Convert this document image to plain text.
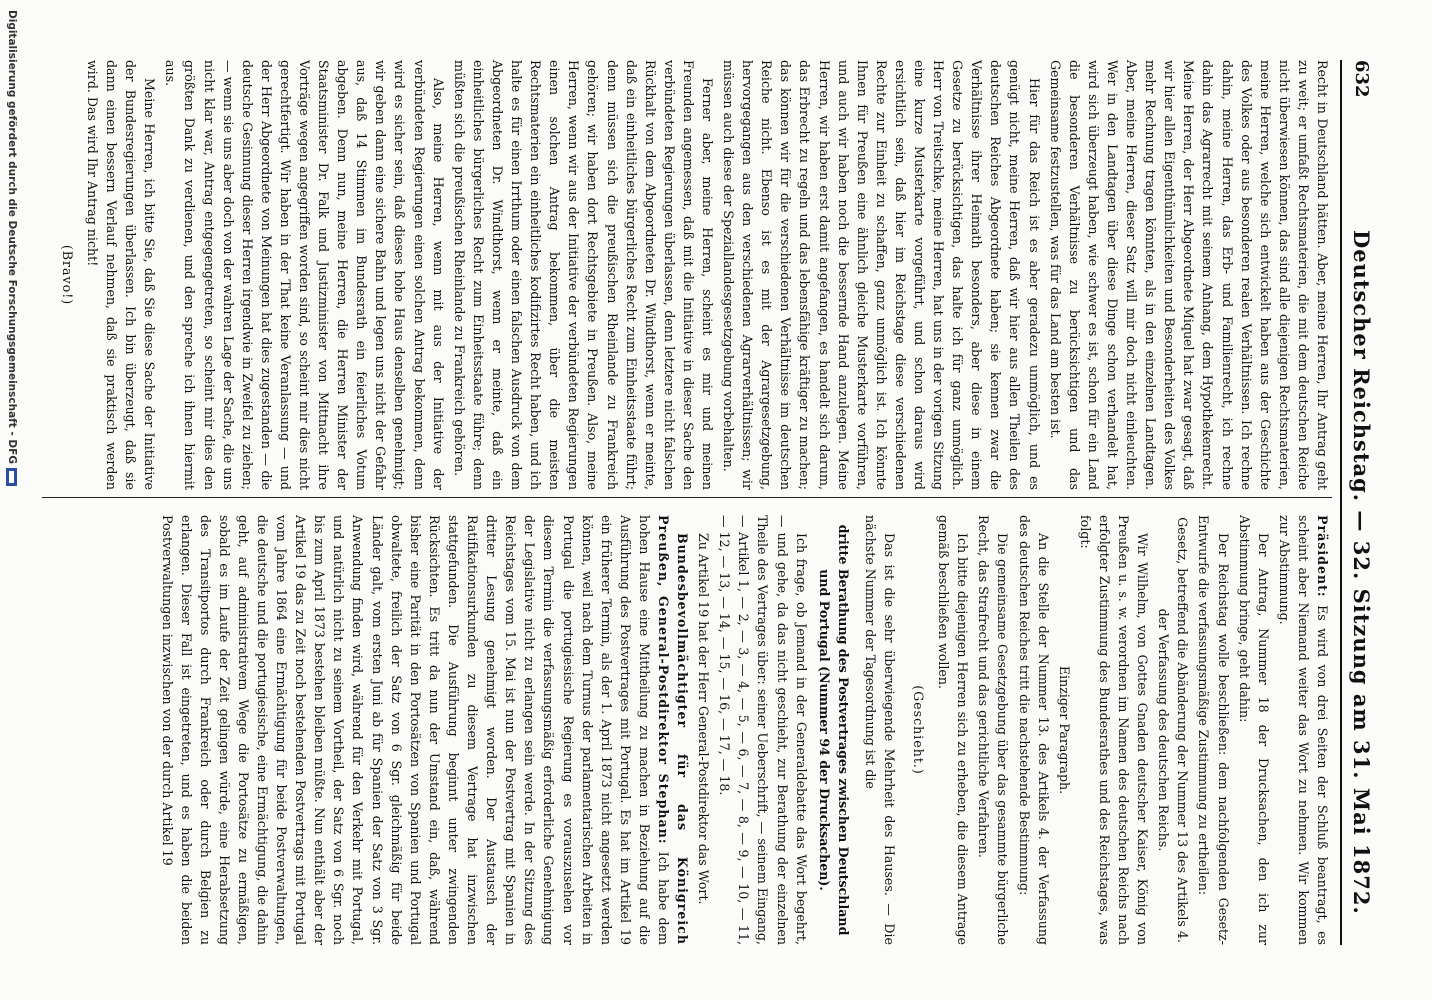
632
Deutscher Reichstag. — 32. Sitzung am 31. Mai 1872.

Recht in Deutschland hätten. Aber, meine Herren, Ihr Antrag geht zu weit; er umfaßt Rechtsmaterien, die mit dem deutschen Reiche nicht überwiesen können, das sind alle diejenigen Rechtsmaterien, meine Herren, welche sich entwickelt haben aus der Geschichte des Volkes oder aus besonderen realen Verhältnissen. Ich rechne dahin, meine Herren, das Erb- und Familienrecht, ich rechne dahin das Agrarrecht mit seinem Anhang, dem Hypothekenrecht. Meine Herren, der Herr Abgeordnete Miquel hat zwar gesagt, daß wir hier allen Eigenthümlichkeiten und Besonderheiten des Volkes mehr Rechnung tragen könnten, als in den einzelnen Landtagen. Aber, meine Herren, dieser Satz will mir doch nicht einleuchten. Wer in den Landtagen über diese Dinge schon verhandelt hat, wird sich überzeugt haben, wie schwer es ist, schon für ein Land die besonderen Verhältnisse zu berücksichtigen und das Gemeinsame festzustellen, was für das Land am besten ist.

Hier für das Reich ist es aber geradezu unmöglich, und es genügt nicht, meine Herren, daß wir hier aus allen Theilen des deutschen Reiches Abgeordnete haben; sie kennen zwar die Verhältnisse ihrer Heimath besonders, aber diese in einem Gesetze zu berücksichtigen, das halte ich für ganz unmöglich. Herr von Treitschke, meine Herren, hat uns in der vorigen Sitzung eine kurze Musterkarte vorgeführt, und schon daraus wird ersichtlich sein, daß hier im Reichstage diese verschiedenen Rechte zur Einheit zu schaffen, ganz unmöglich ist. Ich könnte Ihnen für Preußen eine ähnlich gleiche Musterkarte vorführen, und auch wir haben noch die bessernde Hand anzulegen. Meine Herren, wir haben erst damit angefangen, es handelt sich darum, das Erbrecht zu regeln und das lebensfähige kräftiger zu machen; das können wir für die verschiedenen Verhältnisse im deutschen Reiche nicht. Ebenso ist es mit der Agrargesetzgebung, hervorgegangen aus den verschiedenen Agrarverhältnissen; wir müssen auch diese der Speziallandesgesetzgebung vorbehalten.

Ferner aber, meine Herren, scheint es mir und meinen Freunden angemessen, daß mit die Initiative in dieser Sache den verbündeten Regierungen überlassen, denn letztere nicht falschen Rückhalt von dem Abgeordneten Dr. Windthorst, wenn er meinte, daß ein einheitliches bürgerliches Recht zum Einheitsstaate führt; denn müssen sich die preußischen Rheinlande zu Frankreich gehören; wir haben dort Rechtsgebiete in Preußen. Also, meine Herren, wenn wir aus der Initiative der verbündeten Regierungen einen solchen Antrag bekommen, über die meisten Rechtsmaterien ein einheitliches kodifizirtes Recht haben, und ich halte es für einen Irrthum oder einen falschen Ausdruck von dem Abgeordneten Dr. Windthorst, wenn er meinte, daß ein einheitliches bürgerliches Recht zum Einheitsstaate führe; denn müßten sich die preußischen Rheinlande zu Frankreich gehören.

Also, meine Herren, wenn mit aus der Initiative der verbündeten Regierungen einen solchen Antrag bekommen, denn wird es sicher sein, daß dieses hohe Haus denselben genehmigt; wir geben dann eine sichere Bahn und legen uns nicht der Gefahr aus, daß 14 Stimmen im Bundesrath ein feierliches Votum abgeben. Denn nun, meine Herren, die Herren Minister der Staatsminister Dr. Falk und Justizminister von Mittnacht ihre Vorträge wegen angegriffen worden sind, so scheint mir dies nicht gerechtfertigt. Wir haben in der That keine Veranlassung — und der Herr Abgeordnete von Meinungen hat dies zugestanden — die deutsche Gesinnung dieser Herren irgendwie in Zweifel zu ziehen; — wenn sie uns aber doch von der wahren Lage der Sache, die uns nicht klar war, Antrag entgegengetreten, so scheint mir dies den größten Dank zu verdienen, und den spreche ich ihnen hiermit aus.

Meine Herren, ich bitte Sie, daß Sie diese Sache der Initiative der Bundesregierungen überlassen. Ich bin überzeugt, daß sie dann einen bessern Verlauf nehmen, daß sie praktisch werden wird. Das wird Ihr Antrag nicht!

(Bravo!)

Präsident: Es wird von drei Seiten der Schluß beantragt, es scheint aber Niemand weiter das Wort zu nehmen. Wir kommen zur Abstimmung.

Der Antrag, Nummer 18 der Drucksachen, den ich zur Abstimmung bringe, geht dahin:

Der Reichstag wolle beschließen: dem nachfolgenden Gesetz-Entwurfe die verfassungsmäßige Zustimmung zu ertheilen:

Gesetz, betreffend die Abänderung der Nummer 13 des Artikels 4. der Verfassung des deutschen Reichs.

Wir Wilhelm, von Gottes Gnaden deutscher Kaiser, König von Preußen u. s. w. verordnen im Namen des deutschen Reichs nach erfolgter Zustimmung des Bundesrathes und des Reichstages, was folgt:

Einziger Paragraph.

An die Stelle der Nummer 13. des Artikels 4. der Verfassung des deutschen Reiches tritt die nachstehende Bestimmung:

Die gemeinsame Gesetzgebung über das gesammte bürgerliche Recht, das Strafrecht und das gerichtliche Verfahren.

Ich bitte diejenigen Herren sich zu erheben, die diesem Antrage gemäß beschließen wollen.

(Geschieht.)

Das ist die sehr überwiegende Mehrheit des Hauses. — Die nächste Nummer der Tagesordnung ist die

dritte Berathung des Postvertrages zwischen Deutschland und Portugal (Nummer 94 der Drucksachen).

Ich frage, ob Jemand in der Generaldebatte das Wort begehrt, — und gehe, da das nicht geschieht, zur Berathung der einzelnen Theile des Vertrages über: seiner Ueberschrift, — seinem Eingang, — Artikel 1, — 2, — 3, — 4, — 5, — 6, — 7, — 8, — 9, — 10, — 11, — 12, — 13, — 14, — 15, — 16, — 17, — 18.

Zu Artikel 19 hat der Herr General-Postdirektor das Wort.

Bundesbevollmächtigter für das Königreich Preußen, General-Postdirektor Stephan: Ich habe dem hohen Hause eine Mittheilung zu machen in Beziehung auf die Ausführung des Postvertrages mit Portugal. Es hat im Artikel 19 ein früherer Termin, als der 1. April 1873 nicht angesetzt werden können, weil nach dem Turnus der parlamentarischen Arbeiten in Portugal die portugiesische Regierung es vorauszusehen vor diesem Termin die verfassungsmäßig erforderliche Genehmigung der Legislative nicht zu erlangen sein werde. In der Sitzung des Reichstages vom 15. Mai ist nun der Postvertrag mit Spanien in dritter Lesung genehmigt worden. Der Austausch der Ratifikationsurkunden zu diesem Vertrage hat inzwischen stattgefunden. Die Ausführung beginnt unter zwingenden Rücksichten. Es tritt da nun der Umstand ein, daß, während bisher eine Parität in den Portosätzen von Spanien und Portugal obwaltete, freilich der Satz von 6 Sgr. gleichmäßig für beide Länder galt, vom ersten Juni ab für Spanien der Satz von 3 Sgr. Anwendung finden wird, während für den Verkehr mit Portugal, und natürlich nicht zu seinem Vortheil, der Satz von 6 Sgr. noch bis zum April 1873 bestehen bleiben müßte. Nun enthält aber der Artikel 19 das zu Zeit noch bestehenden Postvertrags mit Portugal vom Jahre 1864 eine Ermächtigung für beide Postverwaltungen, die deutsche und die portugiesische, eine Ermächtigung, die dahin geht, auf administrativem Wege die Portosätze zu ermäßigen, sobald es im Laufe der Zeit gelingen würde, eine Herabsetzung des Transitportos durch Frankreich oder durch Belgien zu erlangen. Dieser Fall ist eingetreten, und es haben die beiden Postverwaltungen inzwischen von der durch Artikel 19

Digitalisierung gefördert durch die Deutsche Forschungsgemeinschaft - DFG
